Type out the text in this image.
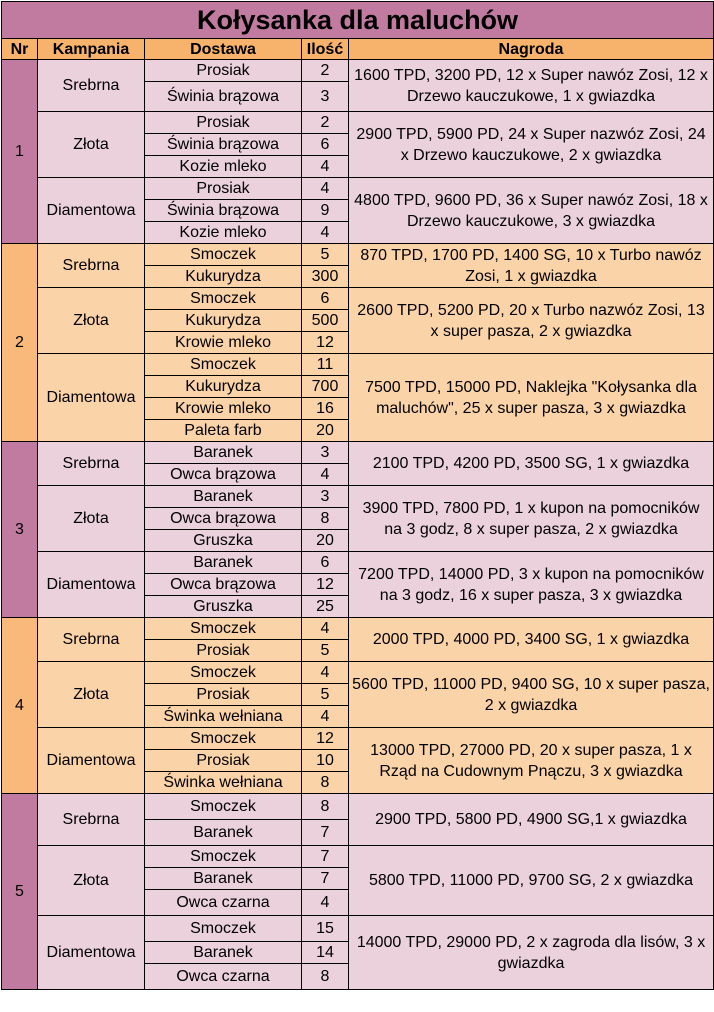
Kołysanka dla maluchów				
Nr	Kampania	Dostawa	Ilość	Nagroda
1	Srebrna	Prosiak	2	1600 TPD, 3200 PD, 12 x Super nawóz Zosi, 12 x Drzewo kauczukowe, 1 x gwiazdka
		Świnia brązowa	3	
	Złota	Prosiak	2	2900 TPD, 5900 PD, 24 x Super nazwóz Zosi, 24 x Drzewo kauczukowe, 2 x gwiazdka
		Świnia brązowa	6	
		Kozie mleko	4	
	Diamentowa	Prosiak	4	4800 TPD, 9600 PD, 36 x Super nawóz Zosi, 18 x Drzewo kauczukowe, 3 x gwiazdka
		Świnia brązowa	9	
		Kozie mleko	4	
2	Srebrna	Smoczek	5	870 TPD, 1700 PD, 1400 SG, 10 x Turbo nawóz Zosi, 1 x gwiazdka
		Kukurydza	300	
	Złota	Smoczek	6	2600 TPD, 5200 PD, 20 x Turbo nazwóz Zosi, 13 x super pasza, 2 x gwiazdka
		Kukurydza	500	
		Krowie mleko	12	
	Diamentowa	Smoczek	11	7500 TPD, 15000 PD, Naklejka "Kołysanka dla maluchów", 25 x super pasza, 3 x gwiazdka
		Kukurydza	700	
		Krowie mleko	16	
		Paleta farb	20	
3	Srebrna	Baranek	3	2100 TPD, 4200 PD, 3500 SG, 1 x gwiazdka
		Owca brązowa	4	
	Złota	Baranek	3	3900 TPD, 7800 PD, 1 x kupon na pomocników na 3 godz, 8 x super pasza, 2 x gwiazdka
		Owca brązowa	8	
		Gruszka	20	
	Diamentowa	Baranek	6	7200 TPD, 14000 PD, 3 x kupon na pomocników na 3 godz, 16 x super pasza, 3 x gwiazdka
		Owca brązowa	12	
		Gruszka	25	
4	Srebrna	Smoczek	4	2000 TPD, 4000 PD, 3400 SG, 1 x gwiazdka
		Prosiak	5	
	Złota	Smoczek	4	5600 TPD, 11000 PD, 9400 SG, 10 x super pasza, 2 x gwiazdka
		Prosiak	5	
		Świnka wełniana	4	
	Diamentowa	Smoczek	12	13000 TPD, 27000 PD, 20 x super pasza, 1 x Rząd na Cudownym Pnączu, 3 x gwiazdka
		Prosiak	10	
		Świnka wełniana	8	
5	Srebrna	Smoczek	8	2900 TPD, 5800 PD, 4900 SG,1 x gwiazdka
		Baranek	7	
	Złota	Smoczek	7	5800 TPD, 11000 PD, 9700 SG, 2 x gwiazdka
		Baranek	7	
		Owca czarna	4	
	Diamentowa	Smoczek	15	14000 TPD, 29000 PD, 2 x zagroda dla lisów, 3 x gwiazdka
		Baranek	14	
		Owca czarna	8	
